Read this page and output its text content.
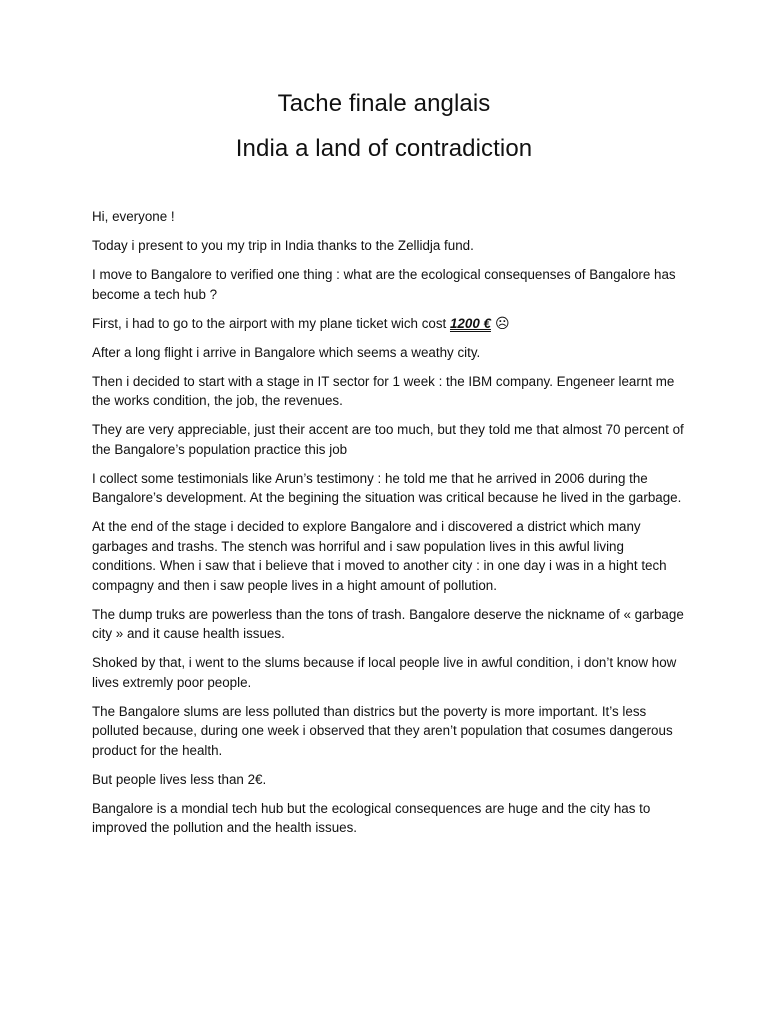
Tache finale anglais
India a land of contradiction

Hi, everyone !

Today i present to you my trip in India thanks to the Zellidja fund.

I move to Bangalore to verified one thing : what are the ecological consequenses of Bangalore has become a tech hub ?

First, i had to go to the airport with my plane ticket wich cost 1200 € ☹

After a long flight i arrive in Bangalore which seems a weathy city.

Then i decided to start with a stage in IT sector for 1 week : the IBM company. Engeneer learnt me the works condition, the job, the revenues.

They are very appreciable, just their accent are too much, but they told me that almost 70 percent of the Bangalore’s population practice this job

I collect some testimonials like Arun’s testimony : he told me that he arrived in 2006 during the Bangalore’s development. At the begining the situation was critical because he lived in the garbage.

At the end of the stage i decided to explore Bangalore and i discovered a district which many garbages and trashs. The stench was horriful and i saw population lives in this awful living conditions. When i saw that i believe that i moved to another city : in one day i was in a hight tech compagny and then i saw people lives in a hight amount of pollution.

The dump truks are powerless than the tons of trash. Bangalore deserve the nickname of « garbage city » and it cause health issues.

Shoked by that, i went to the slums because if local people live in awful condition, i don’t know how lives extremly poor people.

The Bangalore slums are less polluted than districs but the poverty is more important. It’s less polluted because, during one week i observed that they aren’t population that cosumes dangerous product for the health.

But people lives less than 2€.

Bangalore is a mondial tech hub but the ecological consequences are huge and the city has to improved the pollution and the health issues.
